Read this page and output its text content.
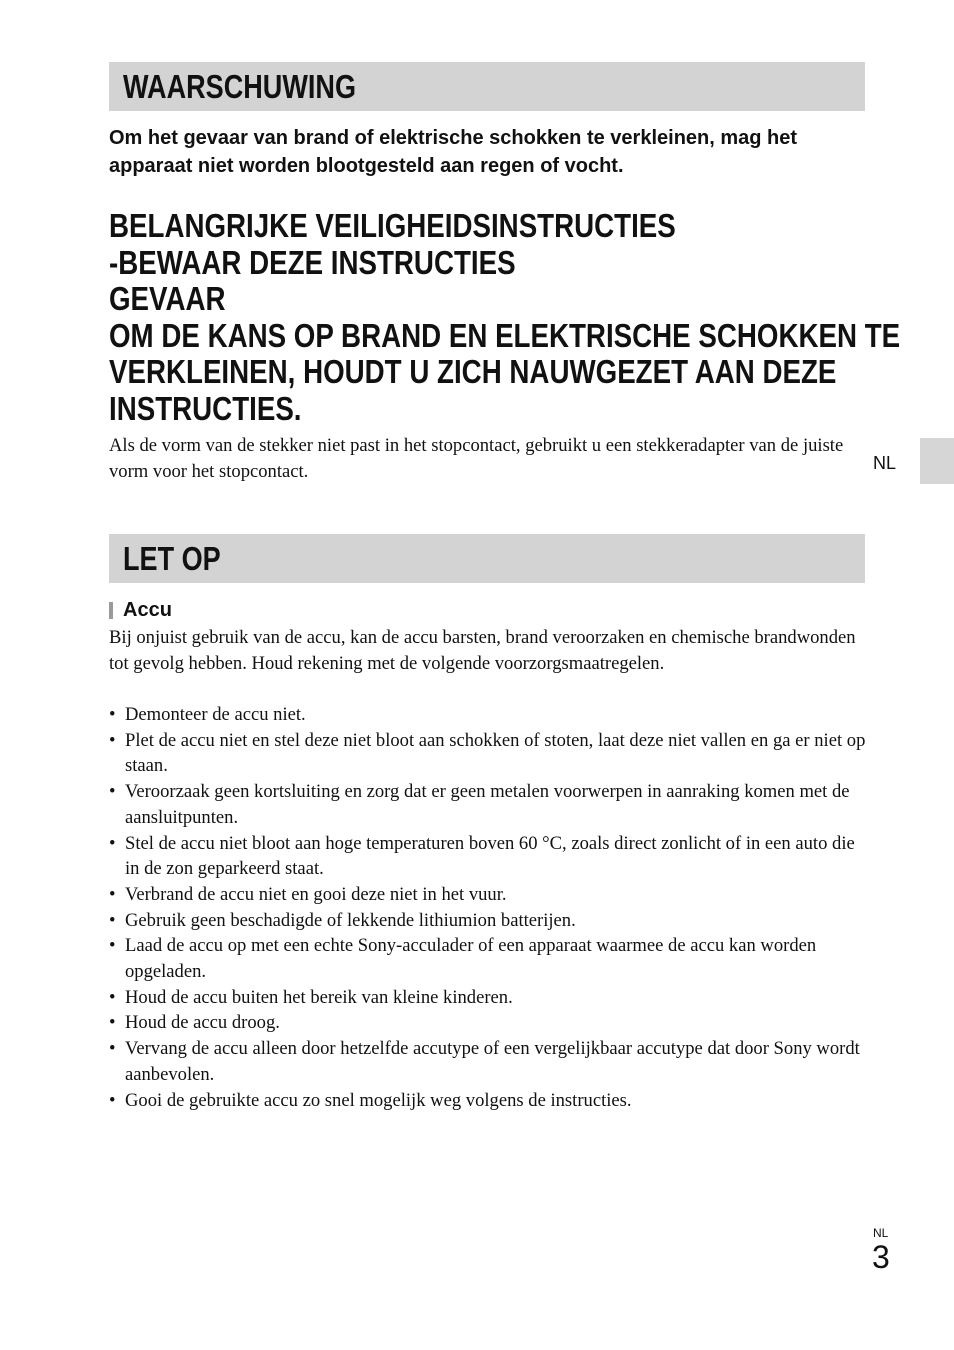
WAARSCHUWING

Om het gevaar van brand of elektrische schokken te verkleinen, mag het apparaat niet worden blootgesteld aan regen of vocht.

BELANGRIJKE VEILIGHEIDSINSTRUCTIES
-BEWAAR DEZE INSTRUCTIES
GEVAAR
OM DE KANS OP BRAND EN ELEKTRISCHE SCHOKKEN TE
VERKLEINEN, HOUDT U ZICH NAUWGEZET AAN DEZE
INSTRUCTIES.

Als de vorm van de stekker niet past in het stopcontact, gebruikt u een stekkeradapter van de juiste vorm voor het stopcontact.	NL
LET OP
Accu

Bij onjuist gebruik van de accu, kan de accu barsten, brand veroorzaken en chemische brandwonden tot gevolg hebben. Houd rekening met de volgende voorzorgsmaatregelen.

• Demonteer de accu niet.
• Plet de accu niet en stel deze niet bloot aan schokken of stoten, laat deze niet vallen en ga er niet op staan.
• Veroorzaak geen kortsluiting en zorg dat er geen metalen voorwerpen in aanraking komen met de aansluitpunten.
• Stel de accu niet bloot aan hoge temperaturen boven 60 °C, zoals direct zonlicht of in een auto die in de zon geparkeerd staat.
• Verbrand de accu niet en gooi deze niet in het vuur.
• Gebruik geen beschadigde of lekkende lithiumion batterijen.
• Laad de accu op met een echte Sony-acculader of een apparaat waarmee de accu kan worden opgeladen.
• Houd de accu buiten het bereik van kleine kinderen.
• Houd de accu droog.
• Vervang de accu alleen door hetzelfde accutype of een vergelijkbaar accutype dat door Sony wordt aanbevolen.
• Gooi de gebruikte accu zo snel mogelijk weg volgens de instructies.
NL
3
